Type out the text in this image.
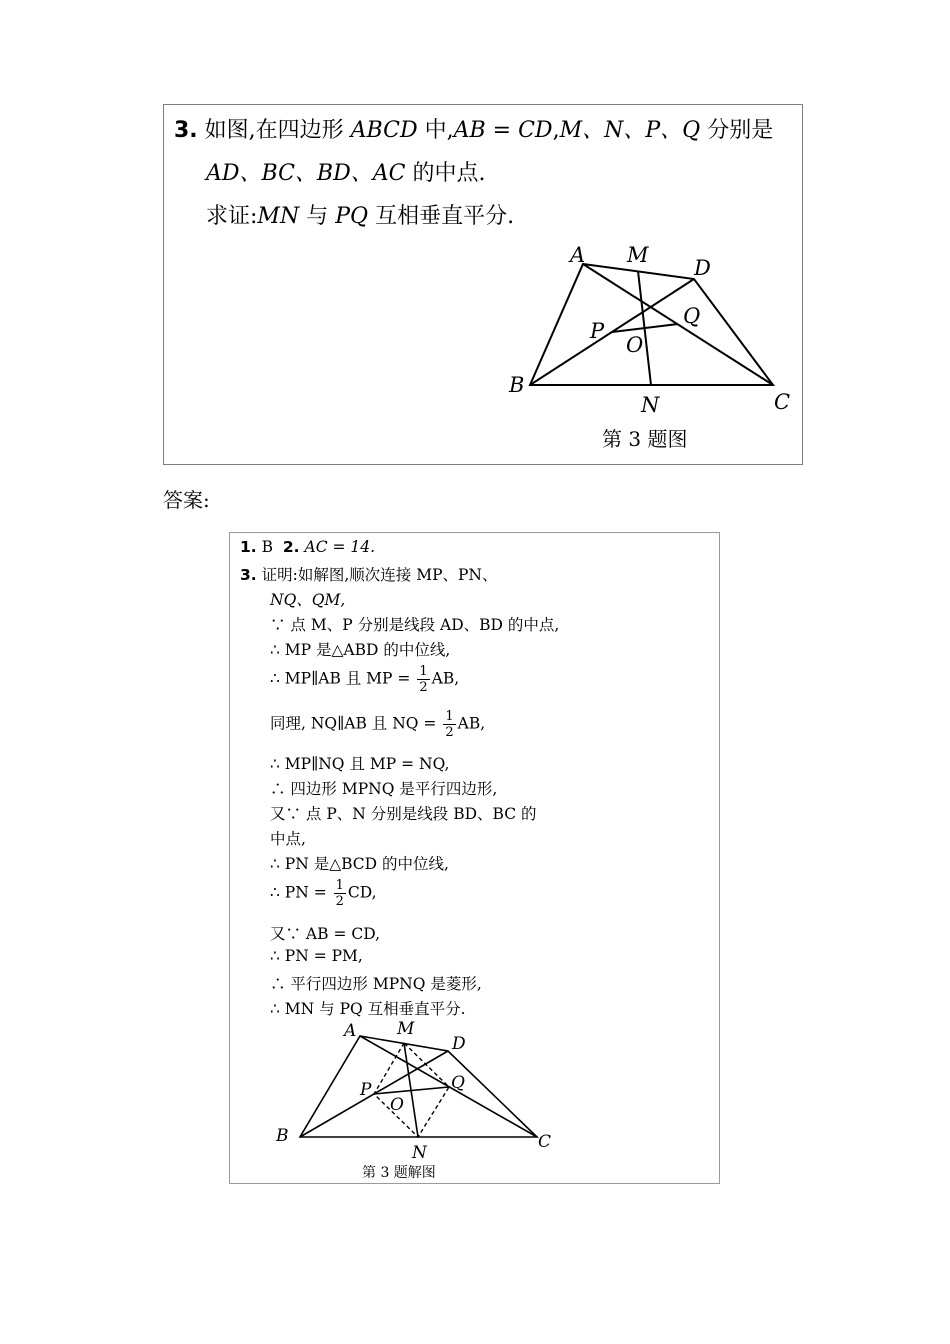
3. 如图,在四边形 ABCD 中,AB = CD,M、N、P、Q 分别是
AD、BC、BD、AC 的中点.
求证:MN 与 PQ 互相垂直平分.
A M
D
P
Q
O
B
N	C
第 3 题图
答案:
1. B 2. AC = 14.
3. 证明:如解图,顺次连接 MP、PN、
NQ、QM,
∵ 点 M、P 分别是线段 AD、BD 的中点,
∴ MP 是△ABD 的中位线,
∴ MP∥AB 且 MP = $\frac{1}{2}$ AB,
同理, NQ∥AB 且 NQ = $\frac{1}{2}$ AB,
∴ MP∥NQ 且 MP = NQ,
∴ 四边形 MPNQ 是平行四边形,
又∵ 点 P、N 分别是线段 BD、BC 的
中点,
∴ PN 是△BCD 的中位线,
∴ PN = $\frac{1}{2}$ CD,
又∵ AB = CD,
∴ PN = PM,
∴ 平行四边形 MPNQ 是菱形,
∴ MN 与 PQ 互相垂直平分.
A M
D
P	Q
O
B
N
C
第 3 题解图
